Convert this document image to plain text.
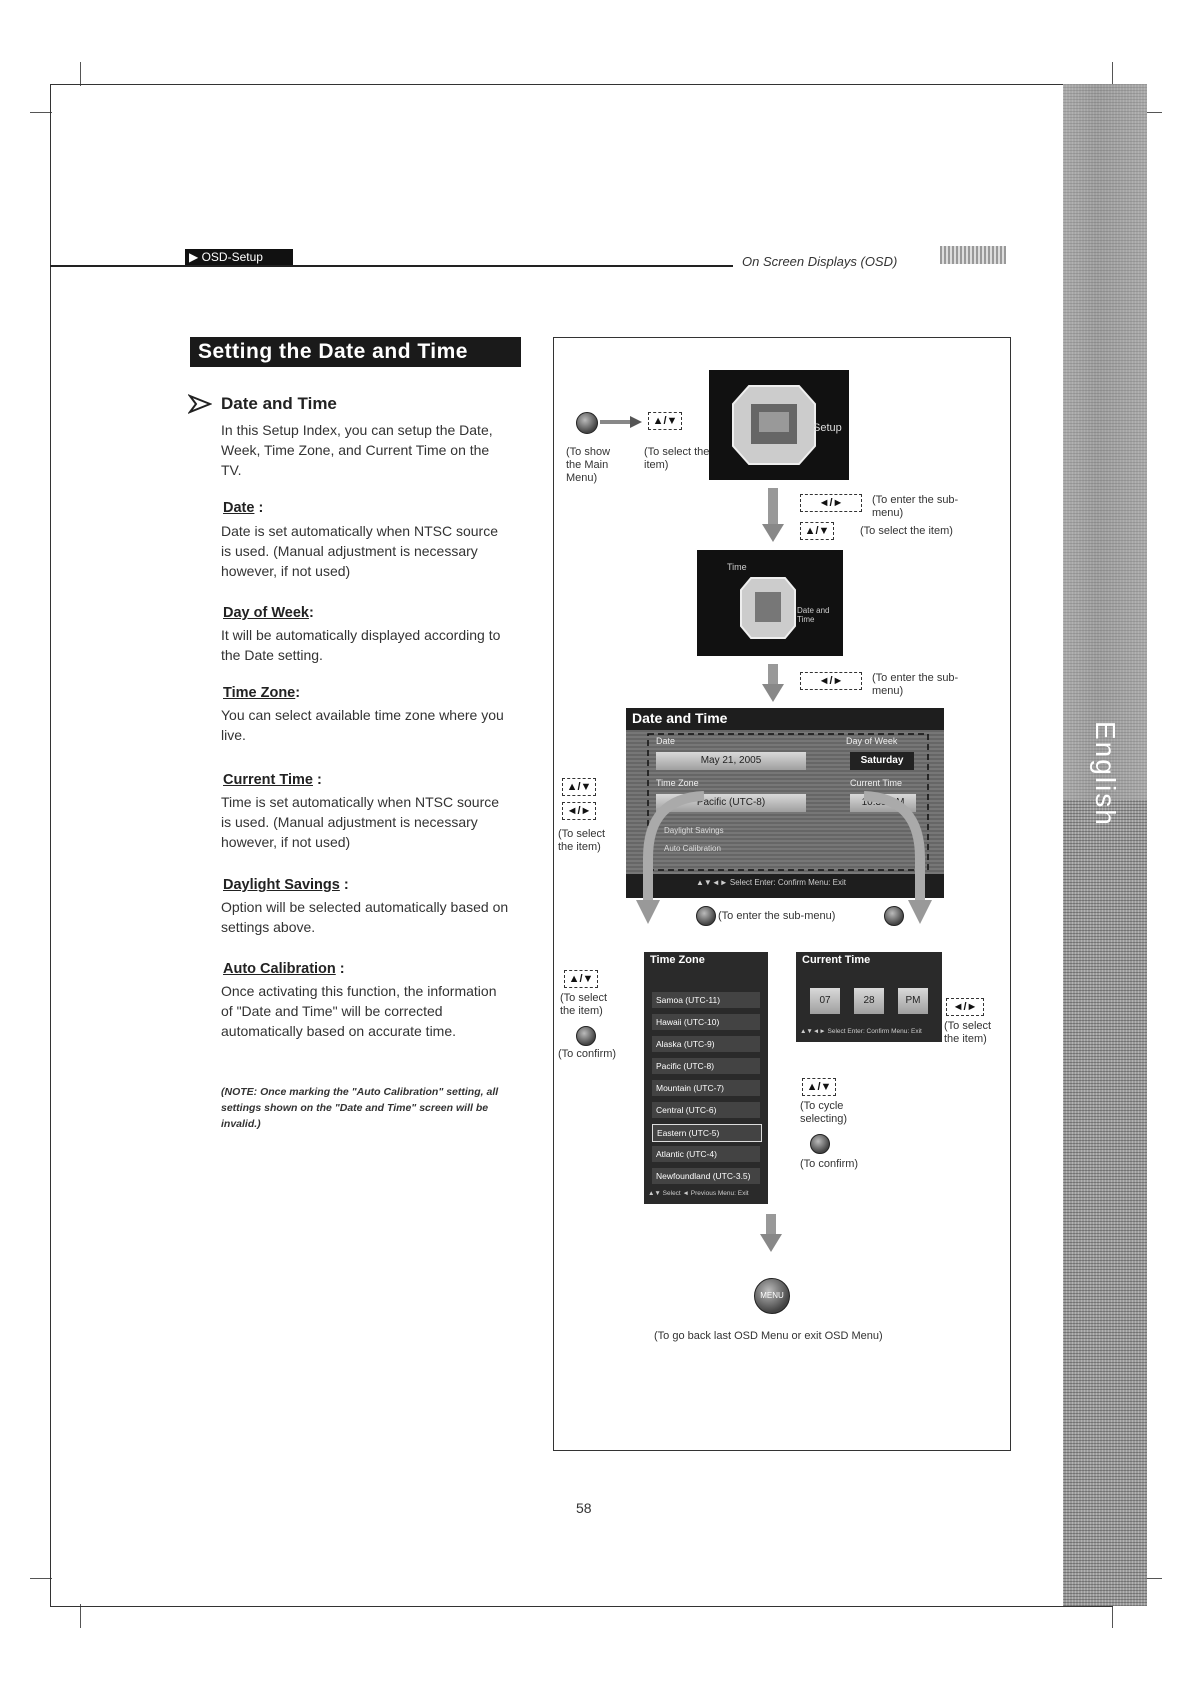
English
▶ OSD-Setup	On Screen Displays (OSD)
Setting the Date and Time
Date and Time

In this Setup Index, you can setup the Date, Week, Time Zone, and Current Time on the TV.

Date :

Date is set automatically when NTSC source is used. (Manual adjustment is necessary however, if not used)

Day of Week:

It will be automatically displayed according to the Date setting.

Time Zone:

You can select available time zone where you live.

Current Time :

Time is set automatically when NTSC source is used. (Manual adjustment is necessary however, if not used)

Daylight Savings :

Option will be selected automatically based on settings above.

Auto Calibration :

Once activating this function, the information of "Date and Time" will be corrected automatically based on accurate time.

(NOTE: Once marking the "Auto Calibration" setting, all settings shown on the "Date and Time" screen will be invalid.)

▲/▼
(To show the Main Menu)
(To select the item)
Setup
◄/►	(To enter the sub-menu)
▲/▼	(To select the item)
Time
Date and Time
◄/►	(To enter the sub-menu)
Date and Time
Date
May 21, 2005
Day of Week
Saturday
Time Zone
Pacific (UTC-8)
Current Time
10:33 PM
Daylight Savings
Auto Calibration
▲▼◄► Select Enter: Confirm Menu: Exit
▲/▼
◄/►
(To select the item)
(To enter the sub-menu)
▲/▼
(To select the item)
(To confirm)
Time Zone
Samoa (UTC-11)
Hawaii (UTC-10)
Alaska (UTC-9)
Pacific (UTC-8)
Mountain (UTC-7)
Central (UTC-6)
Eastern (UTC-5)
Atlantic (UTC-4)
Newfoundland (UTC-3.5)
▲▼ Select ◄ Previous Menu: Exit
Current Time
07	28	PM
▲▼◄► Select Enter: Confirm Menu: Exit
◄/►
(To select the item)
▲/▼
(To cycle selecting)
(To confirm)
MENU
(To go back last OSD Menu or exit OSD Menu)
58
